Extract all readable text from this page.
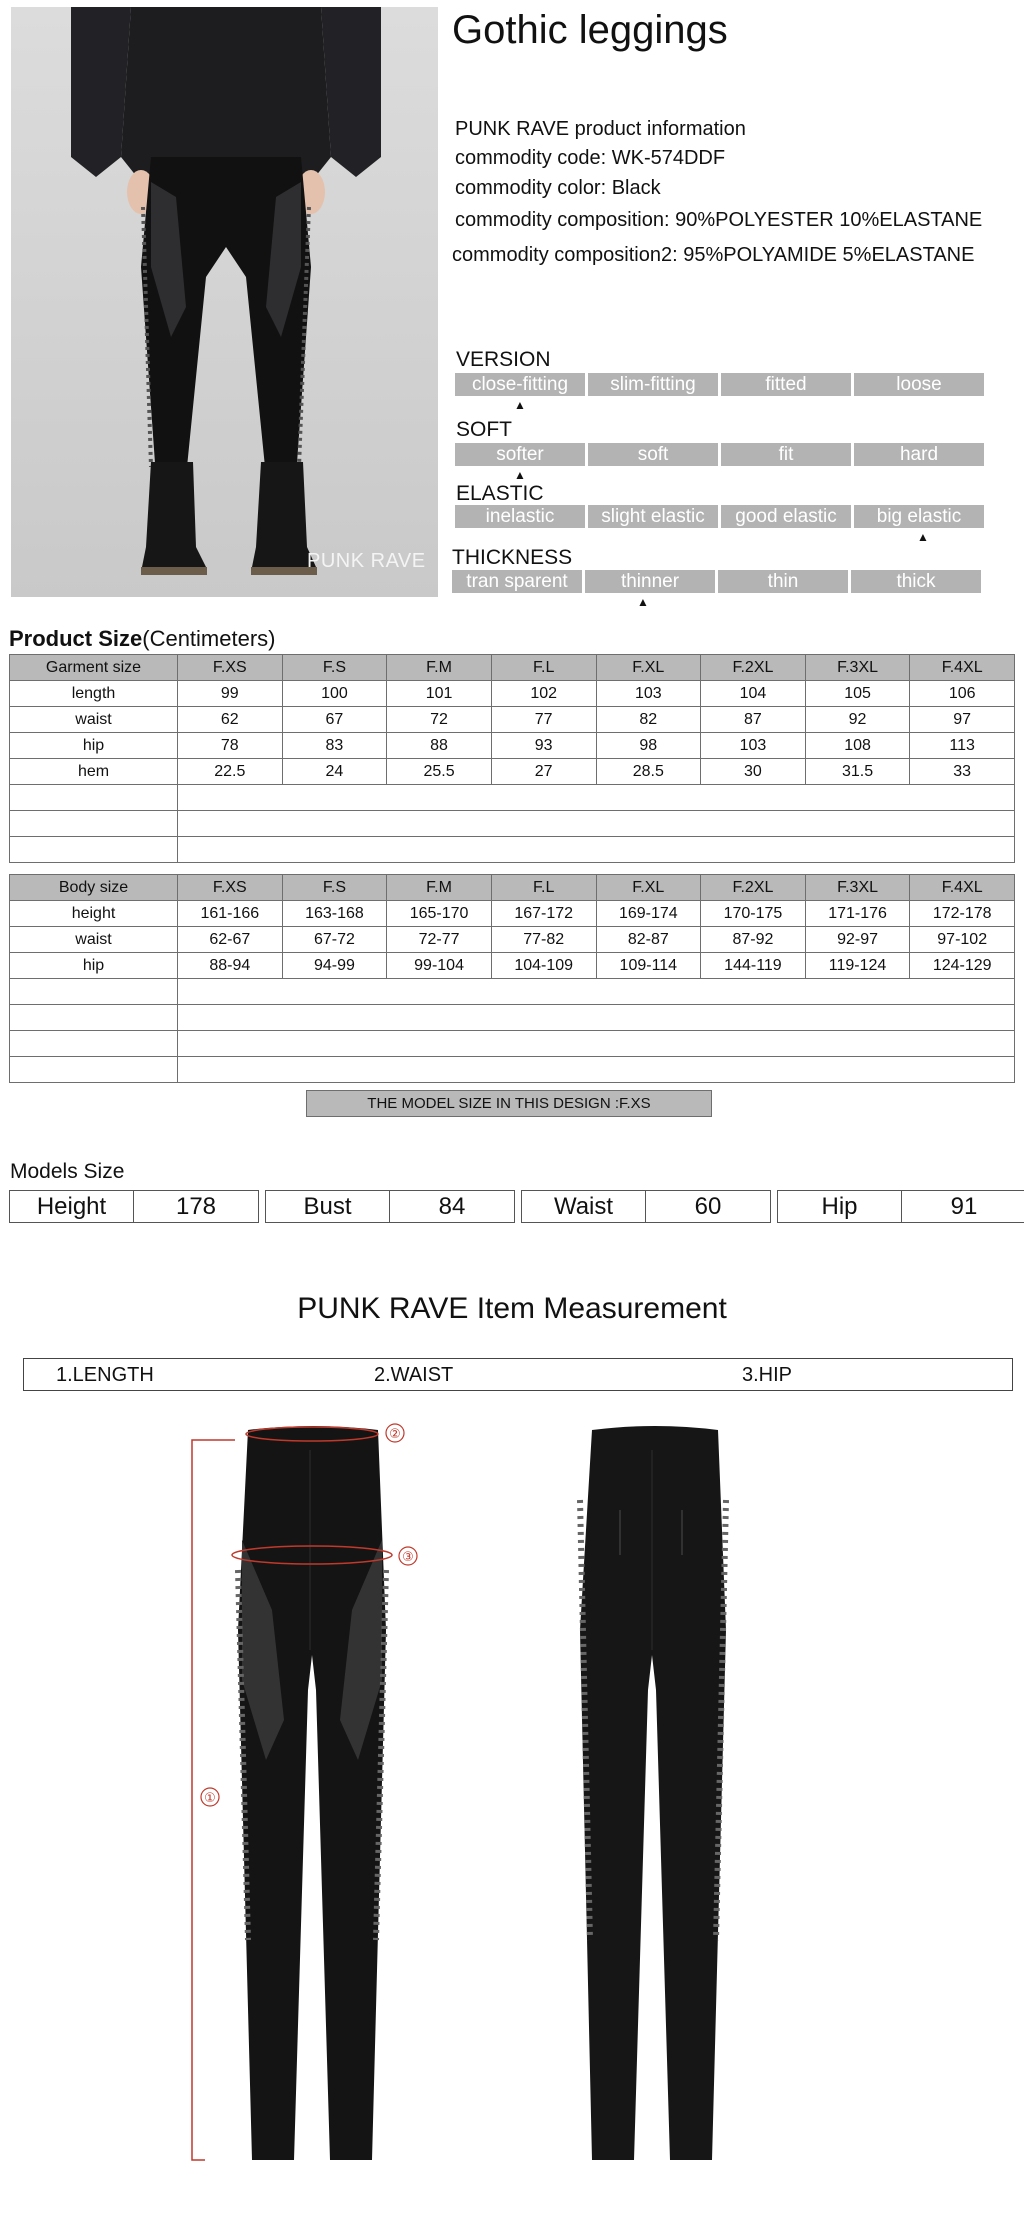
PUNK RAVE
Gothic leggings
PUNK RAVE product information
commodity code: WK-574DDF
commodity color: Black
commodity composition: 90%POLYESTER 10%ELASTANE
commodity composition2: 95%POLYAMIDE 5%ELASTANE
VERSION
close-fitting	slim-fitting	fitted	loose
▲
SOFT
softer	soft	fit	hard
▲
ELASTIC
inelastic	slight elastic	good elastic	big elastic
▲
THICKNESS
tran sparent	thinner	thin	thick
▲
Product Size(Centimeters)
Garment size	F.XS	F.S	F.M	F.L	F.XL	F.2XL	F.3XL	F.4XL
length	99	100	101	102	103	104	105	106
waist	62	67	72	77	82	87	92	97
hip	78	83	88	93	98	103	108	113
hem	22.5	24	25.5	27	28.5	30	31.5	33

Body size	F.XS	F.S	F.M	F.L	F.XL	F.2XL	F.3XL	F.4XL
height	161-166	163-168	165-170	167-172	169-174	170-175	171-176	172-178
waist	62-67	67-72	72-77	77-82	82-87	87-92	92-97	97-102
hip	88-94	94-99	99-104	104-109	109-114	144-119	119-124	124-129

THE MODEL SIZE IN THIS DESIGN :F.XS
Models Size
Height	178	Bust	84	Waist	60	Hip	91
PUNK RAVE Item Measurement
1.LENGTH	2.WAIST	3.HIP
①
②
③
